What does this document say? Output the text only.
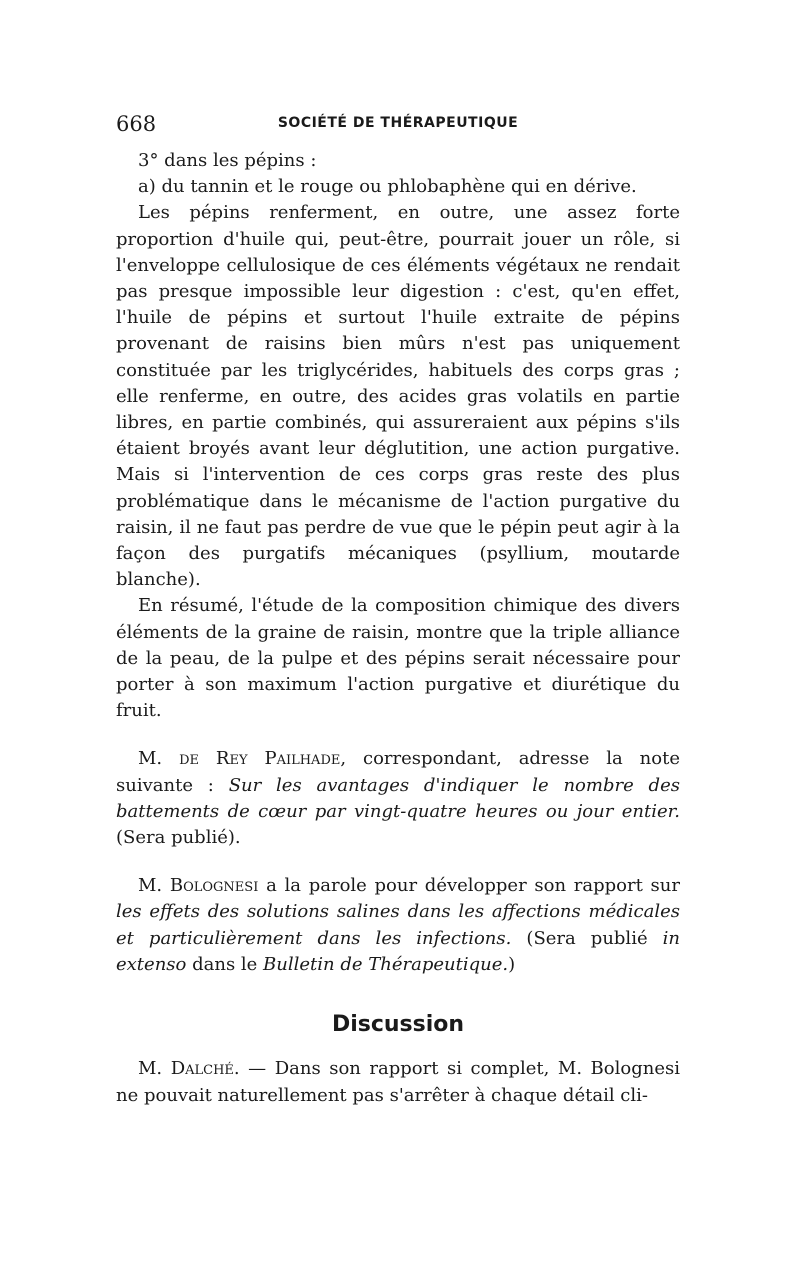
668	SOCIÉTÉ DE THÉRAPEUTIQUE

3° dans les pépins :

a) du tannin et le rouge ou phlobaphène qui en dérive.

Les pépins renferment, en outre, une assez forte proportion d'huile qui, peut-être, pourrait jouer un rôle, si l'enveloppe cellulosique de ces éléments végétaux ne rendait pas presque impossible leur digestion : c'est, qu'en effet, l'huile de pépins et surtout l'huile extraite de pépins provenant de raisins bien mûrs n'est pas uniquement constituée par les triglycérides, habituels des corps gras ; elle renferme, en outre, des acides gras volatils en partie libres, en partie combinés, qui assureraient aux pépins s'ils étaient broyés avant leur déglutition, une action purgative. Mais si l'intervention de ces corps gras reste des plus problématique dans le mécanisme de l'action purgative du raisin, il ne faut pas perdre de vue que le pépin peut agir à la façon des purgatifs mécaniques (psyllium, moutarde blanche).

En résumé, l'étude de la composition chimique des divers éléments de la graine de raisin, montre que la triple alliance de la peau, de la pulpe et des pépins serait nécessaire pour porter à son maximum l'action purgative et diurétique du fruit.

M. de Rey Pailhade, correspondant, adresse la note suivante : Sur les avantages d'indiquer le nombre des battements de cœur par vingt-quatre heures ou jour entier. (Sera publié).

M. Bolognesi a la parole pour développer son rapport sur les effets des solutions salines dans les affections médicales et particulièrement dans les infections. (Sera publié in extenso dans le Bulletin de Thérapeutique.)

Discussion

M. Dalché. — Dans son rapport si complet, M. Bolognesi ne pouvait naturellement pas s'arrêter à chaque détail cli-
